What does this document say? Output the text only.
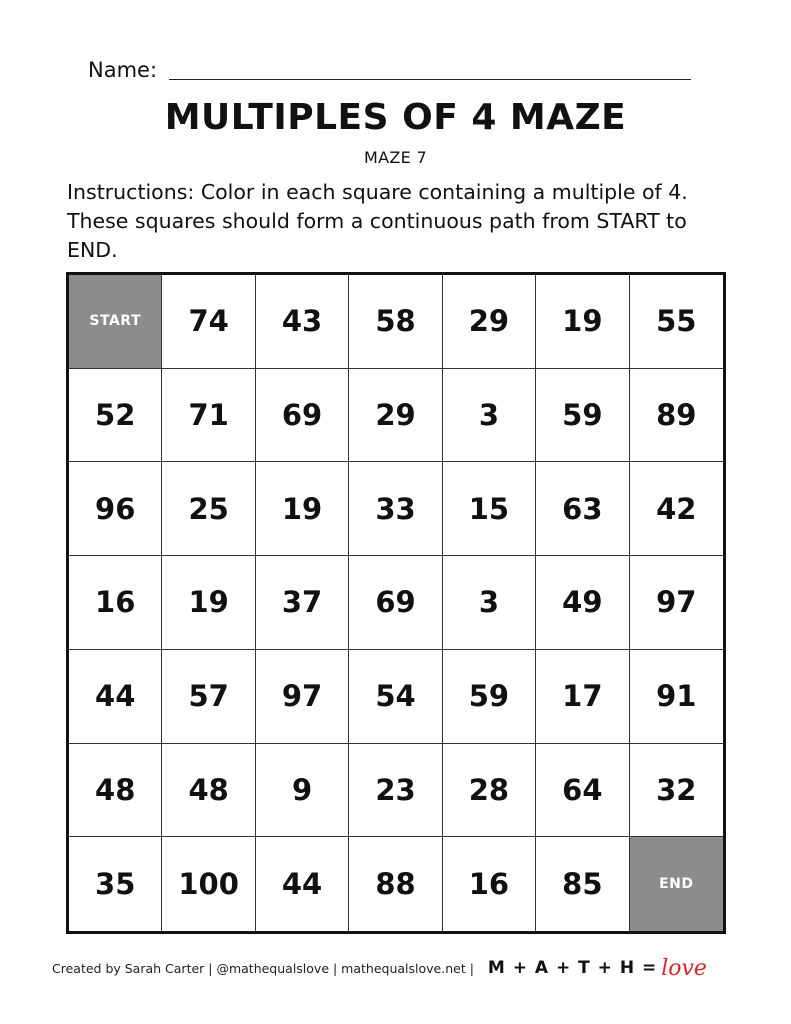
Name:
MULTIPLES OF 4 MAZE
MAZE 7
Instructions: Color in each square containing a multiple of 4. These squares should form a continuous path from START to END.
START	74	43	58	29	19	55
52	71	69	29	3	59	89
96	25	19	33	15	63	42
16	19	37	69	3	49	97
44	57	97	54	59	17	91
48	48	9	23	28	64	32
35	100	44	88	16	85	END
Created by Sarah Carter | @mathequalslove | mathequalslove.net | M + A + T + H = love
